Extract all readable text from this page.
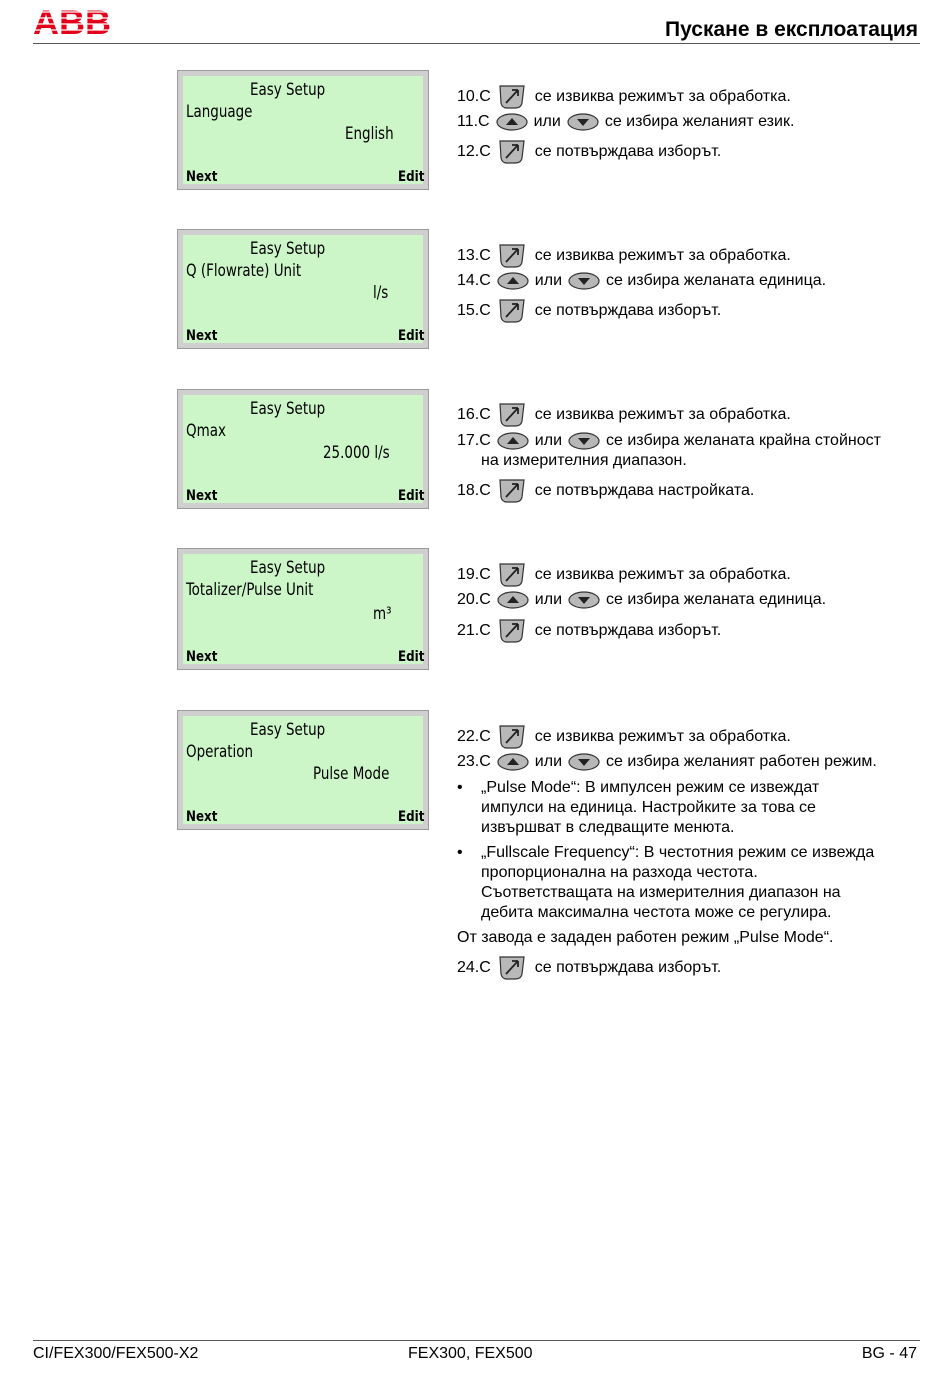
ABB	Пускане в експлоатация
Easy Setup
Language
English
Next	Edit
Easy Setup
Q (Flowrate) Unit
l/s
Next	Edit
Easy Setup
Qmax
25.000 l/s
Next	Edit
Easy Setup
Totalizer/Pulse Unit
m³
Next	Edit
Easy Setup
Operation
Pulse Mode
Next	Edit
10.С	се извиква режимът за обработка.
11.С	или	се избира желаният език.
12.С	се потвърждава изборът.
13.С	се извиква режимът за обработка.
14.С	или	се избира желаната единица.
15.С	се потвърждава изборът.
16.С	се извиква режимът за обработка.
17.С	или	се избира желаната крайна стойност
на измерителния диапазон.
18.С	се потвърждава настройката.
19.С	се извиква режимът за обработка.
20.С	или	се избира желаната единица.
21.С	се потвърждава изборът.
22.С	се извиква режимът за обработка.
23.С	или	се избира желаният работен режим.
• „Pulse Mode“: В импулсен режим се извеждат
импулси на единица. Настройките за това се
извършват в следващите менюта.
• „Fullscale Frequency“: В честотния режим се извежда
пропорционална на разхода честота.
Съответстващата на измерителния диапазон на
дебита максимална честота може се регулира.
От завода е зададен работен режим „Pulse Mode“.
24.С	се потвърждава изборът.
CI/FEX300/FEX500-X2	FEX300, FEX500	BG - 47
